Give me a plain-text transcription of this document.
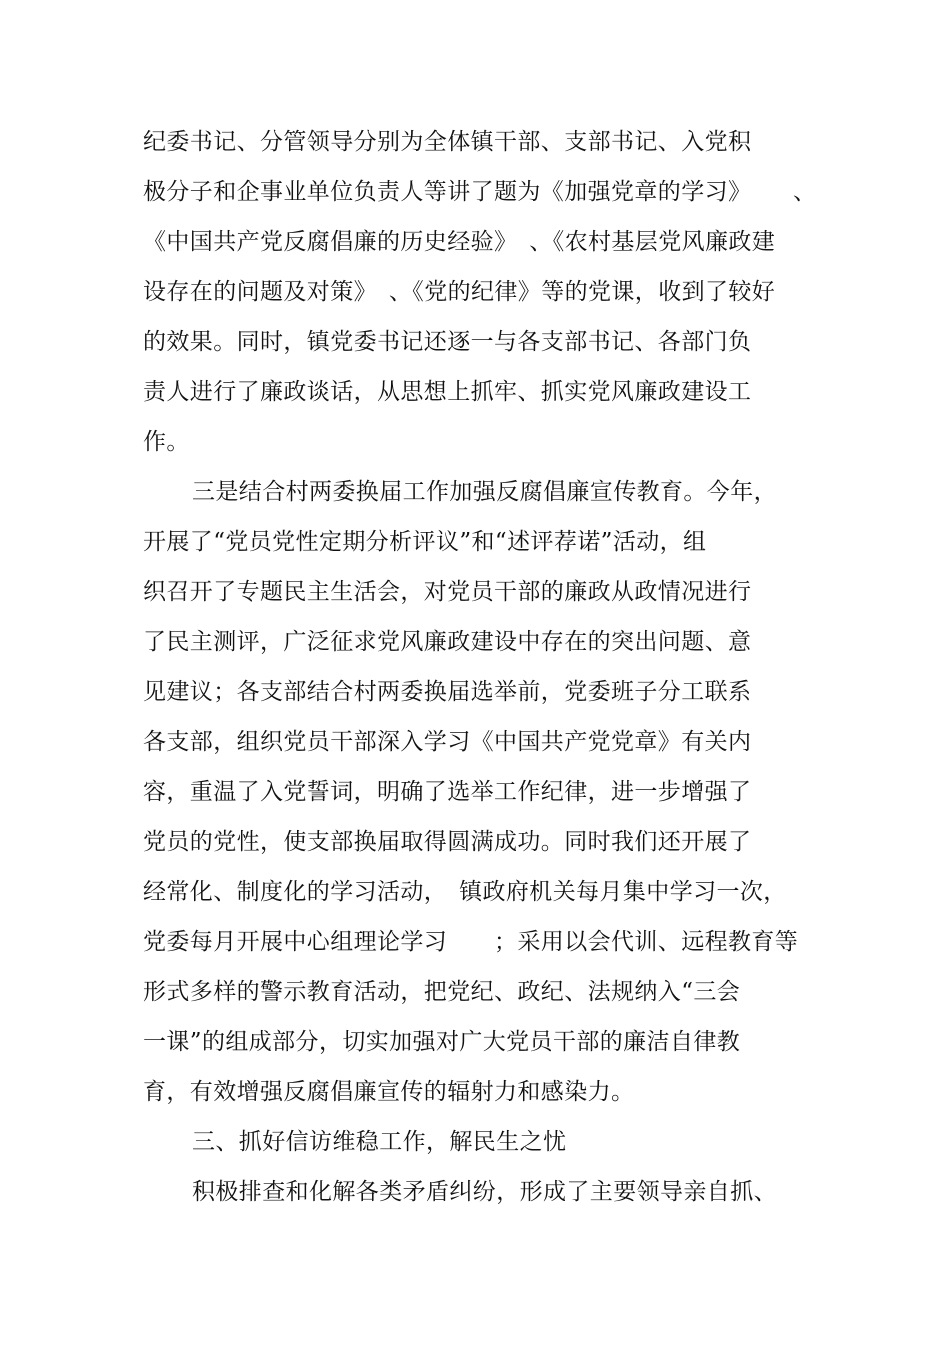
纪委书记、分管领导分别为全体镇干部、支部书记、入党积
极分子和企事业单位负责人等讲了题为《加强党章的学习》 、
《中国共产党反腐倡廉的历史经验》　、《农村基层党风廉政建
设存在的问题及对策》　、《党的纪律》等的党课，收到了较好
的效果。同时，镇党委书记还逐一与各支部书记、各部门负
责人进行了廉政谈话，从思想上抓牢、抓实党风廉政建设工
作。
三是结合村两委换届工作加强反腐倡廉宣传教育。今年，
开展了“党员党性定期分析评议”和“述评荐诺”活动，组
织召开了专题民主生活会，对党员干部的廉政从政情况进行
了民主测评，广泛征求党风廉政建设中存在的突出问题、意
见建议；各支部结合村两委换届选举前，党委班子分工联系
各支部，组织党员干部深入学习《中国共产党党章》有关内
容，重温了入党誓词，明确了选举工作纪律，进一步增强了
党员的党性，使支部换届取得圆满成功。同时我们还开展了
经常化、制度化的学习活动，　镇政府机关每月集中学习一次，
党委每月开展中心组理论学习　　；采用以会代训、远程教育等
形式多样的警示教育活动，把党纪、政纪、法规纳入“三会
一课”的组成部分，切实加强对广大党员干部的廉洁自律教
育，有效增强反腐倡廉宣传的辐射力和感染力。
三、抓好信访维稳工作，解民生之忧
积极排查和化解各类矛盾纠纷，形成了主要领导亲自抓、
